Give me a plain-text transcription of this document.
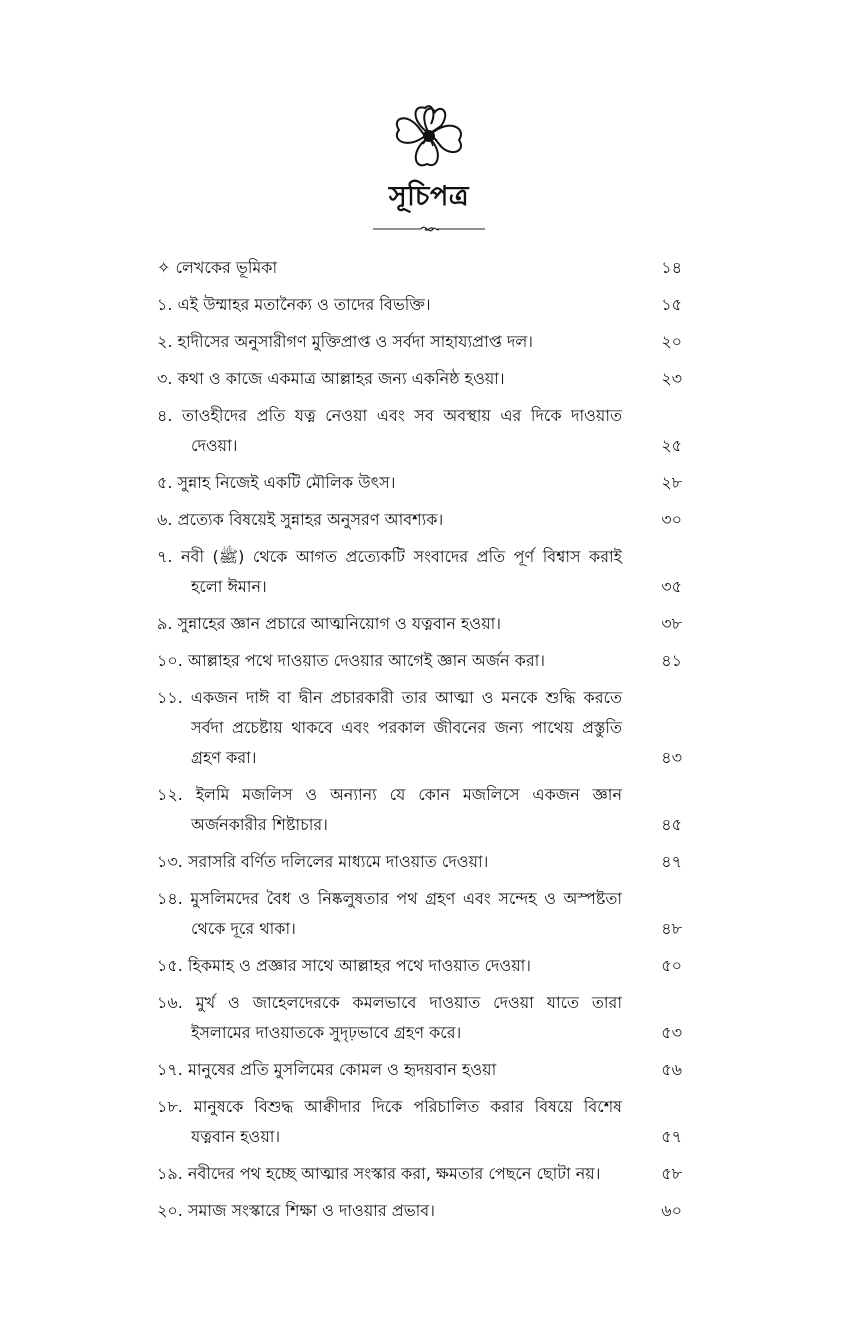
সূচিপত্র
✧ লেখকের ভূমিকা	১৪
১. এই উম্মাহর মতানৈক্য ও তাদের বিভক্তি।	১৫
২. হাদীসের অনুসারীগণ মুক্তিপ্রাপ্ত ও সর্বদা সাহায্যপ্রাপ্ত দল।	২০
৩. কথা ও কাজে একমাত্র আল্লাহর জন্য একনিষ্ঠ হওয়া।	২৩
৪. তাওহীদের প্রতি যত্ন নেওয়া এবং সব অবস্থায় এর দিকে দাওয়াত দেওয়া।	২৫
৫. সুন্নাহ নিজেই একটি মৌলিক উৎস।	২৮
৬. প্রত্যেক বিষয়েই সুন্নাহর অনুসরণ আবশ্যক।	৩০
৭. নবী (ﷺ) থেকে আগত প্রত্যেকটি সংবাদের প্রতি পূর্ণ বিশ্বাস করাই হলো ঈমান।	৩৫
৯. সুন্নাহের জ্ঞান প্রচারে আত্মনিয়োগ ও যত্নবান হওয়া।	৩৮
১০. আল্লাহর পথে দাওয়াত দেওয়ার আগেই জ্ঞান অর্জন করা।	৪১
১১. একজন দাঈ বা দ্বীন প্রচারকারী তার আত্মা ও মনকে শুদ্ধি করতে সর্বদা প্রচেষ্টায় থাকবে এবং পরকাল জীবনের জন্য পাথেয় প্রস্তুতি গ্রহণ করা।	৪৩
১২. ইলমি মজলিস ও অন্যান্য যে কোন মজলিসে একজন জ্ঞান অর্জনকারীর শিষ্টাচার।	৪৫
১৩. সরাসরি বর্ণিত দলিলের মাধ্যমে দাওয়াত দেওয়া।	৪৭
১৪. মুসলিমদের বৈধ ও নিষ্কলুষতার পথ গ্রহণ এবং সন্দেহ ও অস্পষ্টতা থেকে দূরে থাকা।	৪৮
১৫. হিকমাহ ও প্রজ্ঞার সাথে আল্লাহর পথে দাওয়াত দেওয়া।	৫০
১৬. মুর্খ ও জাহেলদেরকে কমলভাবে দাওয়াত দেওয়া যাতে তারা ইসলামের দাওয়াতকে সুদৃঢ়ভাবে গ্রহণ করে।	৫৩
১৭. মানুষের প্রতি মুসলিমের কোমল ও হৃদয়বান হওয়া	৫৬
১৮. মানুষকে বিশুদ্ধ আক্বীদার দিকে পরিচালিত করার বিষয়ে বিশেষ যত্নবান হওয়া।	৫৭
১৯. নবীদের পথ হচ্ছে আত্মার সংস্কার করা, ক্ষমতার পেছনে ছোটা নয়।	৫৮
২০. সমাজ সংস্কারে শিক্ষা ও দাওয়ার প্রভাব।	৬০
